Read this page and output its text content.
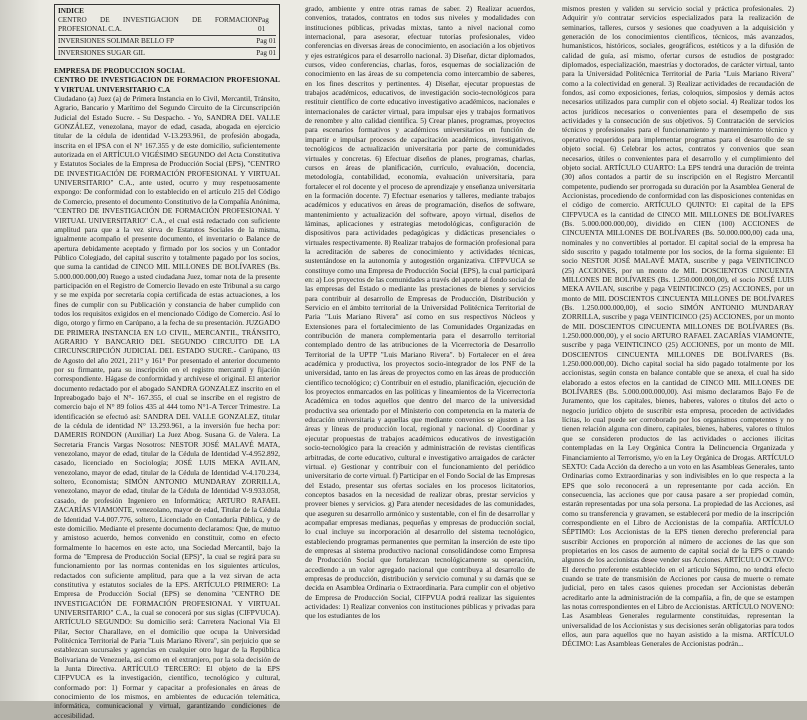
INDICE
CENTRO DE INVESTIGACION DE FORMACION PROFESIONAL C.A.
Pag 01
INVERSIONES SOLIMAR BELLO FP	Pag 01
INVERSIONES SUGAR GIL	Pag 01

EMPRESA DE PRODUCCION SOCIAL

CENTRO DE INVESTIGACION DE FORMACION PROFESIONAL Y VIRTUAL UNIVERSITARIO C.A

Ciudadano (a) Juez (a) de Primera Instancia en lo Civil, Mercantil, Tránsito, Agrario, Bancario y Marítimo del Segundo Circuito de la Circunscripción Judicial del Estado Sucre. - Su Despacho. - Yo, SANDRA DEL VALLE GONZÁLEZ, venezolana, mayor de edad, casada, abogada en ejercicio titular de la cédula de identidad V-13.293.961, de profesión abogada, inscrita en el IPSA con el N° 167.355 y de este domicilio, suficientemente autorizada en el ARTÍCULO VIGÉSIMO SEGUNDO del Acta Constitutiva y Estatutos Sociales de la Empresa de Producción Social (EPS), "CENTRO DE INVESTIGACIÓN DE FORMACIÓN PROFESIONAL Y VIRTUAL UNIVERSITARIO" C.A., ante usted, ocurro y muy respetuosamente expongo: De conformidad con lo establecido en el artículo 215 del Código de Comercio, presento el documento Constitutivo de la Compañía Anónima, "CENTRO DE INVESTIGACIÓN DE FORMACIÓN PROFESIONAL Y VIRTUAL UNIVERSITARIO" C.A., el cual está redactado con suficiente amplitud para que a la vez sirva de Estatutos Sociales de la misma, igualmente acompaño el presente documento, el inventario o Balance de apertura debidamente aceptado y firmado por los socios y un Contador Público Colegiado, del capital suscrito y totalmente pagado por los socios, que suma la cantidad de CINCO MIL MILLONES DE BOLÍVARES (Bs. 5.000.000.000,00) Ruego a usted ciudadana Juez, tomar nota de la presente participación en el Registro de Comercio llevado en este Tribunal a su cargo y se me expida por secretaría copia certificada de estas actuaciones, a los fines de cumplir con su Publicación y constancia de haber cumplido con todos los requisitos exigidos en el mencionado Código de Comercio. Así lo digo, otorgo y firmo en Carúpano, a la fecha de su presentación. JUZGADO DE PRIMERA INSTANCIA EN LO CIVIL, MERCANTIL, TRÁNSITO, AGRARIO Y BANCARIO DEL SEGUNDO CIRCUITO DE LA CIRCUNSCRIPCIÓN JUDICIAL DEL ESTADO SUCRE.- Carúpano, 03 de Agosto del año 2021, 211° y 161° Por presentado el anterior documento por su firmante, para su inscripción en el registro mercantil y fijación correspondiente. Hágase de conformidad y archívese el original. El anterior documento redactado por el abogado SANDRA GONZALEZ inscrito en el Inpreabogado bajo el N°- 167.355, el cual se inscribe en el registro de comercio bajo el N° 89 folios 435 al 444 tomo N°1-A Tercer Trimestre. La identificación se efectuó así: SANDRA DEL VALLE GONZALEZ, titular de la cédula de identidad N° 13.293.961, a la inversión fue hecha por: DAMERIS RONDON (Auxiliar) La Juez Abog. Susana G. de Valera. La Secretaria Francis Vargas Nosotros: NESTOR JOSÉ MALAVÉ MATA, venezolano, mayor de edad, titular de la Cédula de Identidad V-4.952.892, casado, licenciado en Sociología; JOSÉ LUIS MEKA AVILAN, venezolano, mayor de edad, titular de la Cédula de Identidad V-4.170.234, soltero, Economista; SIMÓN ANTONIO MUNDARAY ZORRILLA, venezolano, mayor de edad, titular de la Cédula de Identidad V-9.933.058, casado, de profesión Ingeniero en Informática; ARTURO RAFAEL ZACARÍAS VIAMONTE, venezolano, mayor de edad, Titular de la Cédula de Identidad V-4.007.776, soltero, Licenciado en Contaduría Pública, y de este domicilio. Mediante el presente documento declaramos: Que, de mutuo y amistoso acuerdo, hemos convenido en constituir, como en efecto formalmente lo hacemos en este acto, una Sociedad Mercantil, bajo la forma de "Empresa de Producción Social (EPS)", la cual se regirá para su funcionamiento por las normas contenidas en los siguientes artículos, redactados con suficiente amplitud, para que a la vez sirvan de acta constitutiva y estatutos sociales de la EPS. ARTÍCULO PRIMERO: La Empresa de Producción Social (EPS) se denomina "CENTRO DE INVESTIGACIÓN DE FORMACIÓN PROFESIONAL Y VIRTUAL UNIVERSITARIO" C.A., la cual se conocerá por sus siglas (CIFPVUCA). ARTÍCULO SEGUNDO: Su domicilio será: Carretera Nacional Vía El Pilar, Sector Charallave, en el domicilio que ocupa la Universidad Politécnica Territorial de Paria "Luis Mariano Rivera", sin perjuicio que se establezcan sucursales y agencias en cualquier otro lugar de la República Bolivariana de Venezuela, así como en el extranjero, por la sola decisión de la Junta Directiva. ARTÍCULO TERCERO: El objeto de la EPS CIFPVUCA es la investigación, científico, tecnológico y cultural, conformado por: 1) Formar y capacitar a profesionales en áreas de conocimiento de los mismos, en ambientes de educación telemática, informática, comunicacional y virtual, garantizando condiciones de accesibilidad.

grado, ambiente y entre otras ramas de saber. 2) Realizar acuerdos, convenios, tratados, contratos en todos sus niveles y modalidades con instituciones públicas, privadas mixtas, tanto a nivel nacional como internacional, para asesorar, efectuar tutorías profesionales, video conferencias en diversas áreas de conocimiento, en asociación a los objetivos y ejes estratégicos para el desarrollo nacional. 3) Diseñar, dictar diplomados, cursos, video conferencias, charlas, foros, esquemas de socialización de conocimiento en las áreas de su competencia como intercambio de saberes, en los fines descritos y pertinentes. 4) Diseñar, ejecutar propuestas de trabajos académicos, educativos, de investigación socio-tecnológicos para restituir científico de corte educativo investigativo académicos, nacionales e internacionales de carácter virtual, para impulsar ejes y trabajos formativos de renombre y alto calidad científica. 5) Crear planes, programas, proyectos para escenarios formativos y académicos universitarios en función de impartir e impulsar procesos de capacitación académicos, investigativos, tecnológicos de actualización universitaria por parte de comunidades virtuales y concretas. 6) Efectuar diseños de planes, programas, charlas, cursos en áreas de planificación, currículo, evaluación, docencia, metodología, contabilidad, economía, evaluación universitaria, para fortalecer el rol docente y el proceso de aprendizaje y enseñanza universitaria en la formación docente. 7) Efectuar esenarios y talleres, mediante trabajos académicos y educativos en áreas de programación, diseños de software, mantenimiento y actualización del software, apoyo virtual, diseños de láminas, aplicaciones y estrategias metodológicas, configuración de dispositivos para actividades pedagógicas y didácticas presenciales o virtuales respectivamente. 8) Realizar trabajos de formación profesional para la acreditación de saberes de conocimiento y actividades técnicas, sustentándose en la autonomía y autogestión organizativa. CIFPVUCA se constituye como una Empresa de Producción Social (EPS), la cual participará en: a) Los proyectos de las comunidades a través del aporte al fondo social de las empresas del Estado o mediante las prestaciones de bienes y servicios para contribuir al desarrollo de Empresas de Producción, Distribución y Servicio en el ámbito territorial de la Universidad Politécnica Territorial de Paria "Luis Mariano Rivera" así como en sus respectivos Núcleos y Extensiones para el fortalecimiento de las Comunidades Organizadas en contribución de manera complementaria para el desarrollo territorial contemplado dentro de las atribuciones de la Vicerrectoría de Desarrollo Territorial de la UPTP "Luis Mariano Rivera". b) Fortalecer en el área académica y productiva, los proyectos socio-integrador de los PNF de la universidad, tanto en las áreas de proyectos como en las áreas de producción científico tecnológico; c) Contribuir en el estudio, planificación, ejecución de los proyectos enmarcados en las políticas y lineamientos de la Vicerrectoría Académica en todos aquellos que dentro del marco de la universidad productiva sea orientado por el Ministerio con competencia en la materia de educación universitaria y aquellas que mediante convenios se ajusten a las áreas y líneas de producción local, regional y nacional. d) Coordinar y ejecutar propuestas de trabajos académicos educativos de investigación socio-tecnológico para la creación y administración de revistas científicas arbitradas, de corte educativo, cultural e investigativo arraigados de carácter virtual. e) Gestionar y contribuir con el funcionamiento del periódico universitario de corte virtual. f) Participar en el Fondo Social de las Empresas del Estado, presentar sus ofertas sociales en los procesos licitatorios, conceptos basados en la necesidad de realizar obras, prestar servicios y proveer bienes y servicios. g) Para atender necesidades de las comunidades, que aseguren su desarrollo armónico y sustentable, con el fin de desarrollar y acompañar empresas medianas, pequeñas y empresas de producción social, lo cual incluye su incorporación al desarrollo del sistema tecnológico, estableciendo programas permanentes que permitan la inserción de este tipo de empresas al sistema productivo nacional consolidándose como Empresa de Producción Social que fortalezcan tecnológicamente su operación, accediendo a un valor agregado nacional que contribuya al desarrollo de empresas de producción, distribución y servicio comunal y su darnás que se decida en Asamblea Ordinaria o Extraordinaria. Para cumplir con el objetivo de Empresa de Producción Social, CIFPVUA podrá realizar las siguientes actividades: 1) Realizar convenios con instituciones públicas y privadas para que los estudiantes de los

mismos presten y validen su servicio social y práctica profesionales. 2) Adquirir y/o contratar servicios especializados para la realización de seminarios, talleres, cursos y sesiones que coadyuven a la adquisición y generación de los conocimientos científicos, técnicos, más avanzados, humanísticos, históricos, sociales, geográficos, estéticos y a la difusión de calidad de guía, así mismo, ofertar cursos de estudios de postgrado: diplomados, especialización, maestrías y doctorados, de carácter virtual, tanto para la Universidad Politécnica Territorial de Paria "Luis Mariano Rivera" como a la colectividad en general. 3) Realizar actividades de recaudación de fondos, así como exposiciones, ferias, coloquios, simposios y demás actos necesarios utilizados para cumplir con el objeto social. 4) Realizar todos los actos jurídicos necesarios o convenientes para el desempeño de sus actividades y la consecución de sus objetivos. 5) Contratación de servicios técnicos y profesionales para el funcionamiento y mantenimiento técnico y operativo requeridos para implementar programas para el desarrollo de su objeto social. 6) Celebrar los actos, contratos y convenios que sean necesarios, útiles o convenientes para el desarrollo y el cumplimiento del objeto social. ARTÍCULO CUARTO: La EPS tendrá una duración de treinta (30) años contados a partir de su inscripción en el Registro Mercantil competente, pudiendo ser prorrogada su duración por la Asamblea General de Accionistas, procediendo de conformidad con las disposiciones contenidas en el código de comercio. ARTÍCULO QUINTO: El capital de la EPS CIFPVUCA es la cantidad de CINCO MIL MILLONES DE BOLÍVARES (Bs. 5.000.000.000,00), dividido en CIEN (100) ACCIONES de CINCUENTA MILLONES DE BOLÍVARES (Bs. 50.000.000,00) cada una, nominales y no convertibles al portador. El capital social de la empresa ha sido suscrito y pagado totalmente por los socios, de la forma siguiente: El socio NESTOR JOSÉ MALAVÉ MATA, suscribe y paga VEINTICINCO (25) ACCIONES, por un monto de MIL DOSCIENTOS CINCUENTA MILLONES DE BOLÍVARES (Bs. 1.250.000.000,00), el socio JOSÉ LUIS MEKA AVILAN, suscribe y paga VEINTICINCO (25) ACCIONES, por un monto de MIL DOSCIENTOS CINCUENTA MILLONES DE BOLÍVARES (Bs. 1.250.000.000,00), el socio SIMÓN ANTONIO MUNDARAY ZORRILLA, suscribe y paga VEINTICINCO (25) ACCIONES, por un monto de MIL DOSCIENTOS CINCUENTA MILLONES DE BOLÍVARES (Bs. 1.250.000.000,00), y el socio ARTURO RAFAEL ZACARÍAS VIAMONTE, suscribe y paga VEINTICINCO (25) ACCIONES, por un monto de MIL DOSCIENTOS CINCUENTA MILLONES DE BOLÍVARES (Bs. 1.250.000.000,00). Dicho capital social ha sido pagado totalmente por los accionistas, según consta en balance contable que se anexa, el cual ha sido elaborado a estos efectos en la cantidad de CINCO MIL MILLONES DE BOLÍVARES (Bs. 5.000.000.000,00). Así mismo declaramos Bajo Fe de Juramento, que los capitales, bienes, haberes, valores o títulos del acto o negocio jurídico objeto de suscribir esta empresa, proceden de actividades lícitas, lo cual puede ser corroborado por los organismos competentes y no tienen relación alguna con dinero, capitales, bienes, haberes, valores o títulos que se consideren productos de las actividades o acciones ilícitas contempladas en la Ley Orgánica Contra la Delincuencia Organizada y Financiamiento al Terrorismo, y/o en la Ley Orgánica de Drogas. ARTÍCULO SEXTO: Cada Acción da derecho a un voto en las Asambleas Generales, tanto Ordinarias como Extraordinarias y son indivisibles en lo que respecta a la EPS que solo reconocerá a un representante por cada acción. En consecuencia, las acciones que por causa pasare a ser propiedad común, estarán representadas por una sola persona. La propiedad de las Acciones, así como su transferencia y gravamen, se establecerá por medio de la inscripción correspondiente en el Libro de Accionistas de la compañía. ARTÍCULO SÉPTIMO: Los Accionistas de la EPS tienen derecho preferencial para suscribir Acciones en proporción al número de acciones de las que son propietarios en los casos de aumento de capital social de la EPS o cuando algunos de los accionistas desee vender sus Acciones. ARTÍCULO OCTAVO: El derecho preferente establecido en el artículo Séptimo, no tendrá efecto cuando se trate de transmisión de Acciones por causa de muerte o remate judicial, pero en tales casos quienes procedan ser Accionistas deberán acreditarlo ante la administración de la compañía, a fin, de que se estampen las notas correspondientes en el Libro de Accionistas. ARTÍCULO NOVENO: Las Asambleas Generales regularmente constituidas, representan la universalidad de los Accionistas y sus decisiones serán obligatorias para todos ellos, aun para aquellos que no hayan asistido a la misma. ARTÍCULO DÉCIMO: Las Asambleas Generales de Accionistas podrán...
